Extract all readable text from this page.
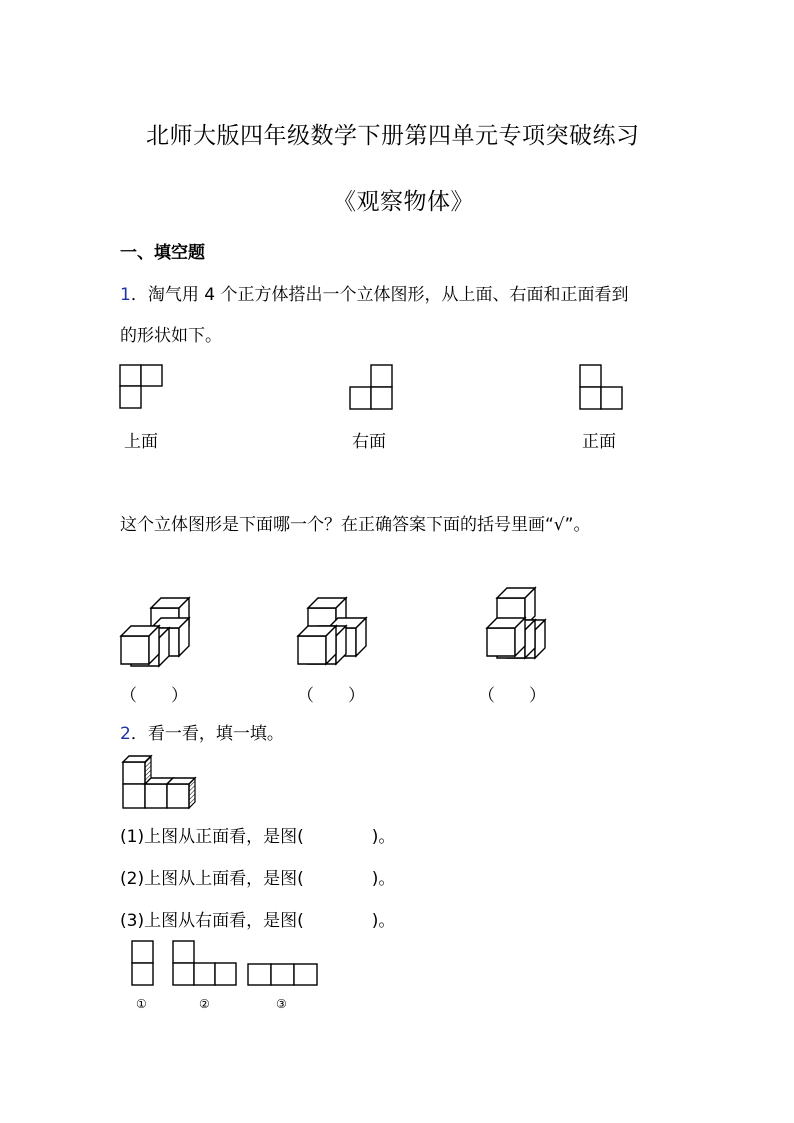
北师大版四年级数学下册第四单元专项突破练习
《观察物体》
一、填空题
1．淘气用 4 个正方体搭出一个立体图形，从上面、右面和正面看到
的形状如下。
上面	右面	正面
这个立体图形是下面哪一个？在正确答案下面的括号里画“√”。
（　　）	（　　）	（　　）
2．看一看，填一填。
(1)上图从正面看，是图(　　　　)。
(2)上图从上面看，是图(　　　　)。
(3)上图从右面看，是图(　　　　)。
①	②	③
